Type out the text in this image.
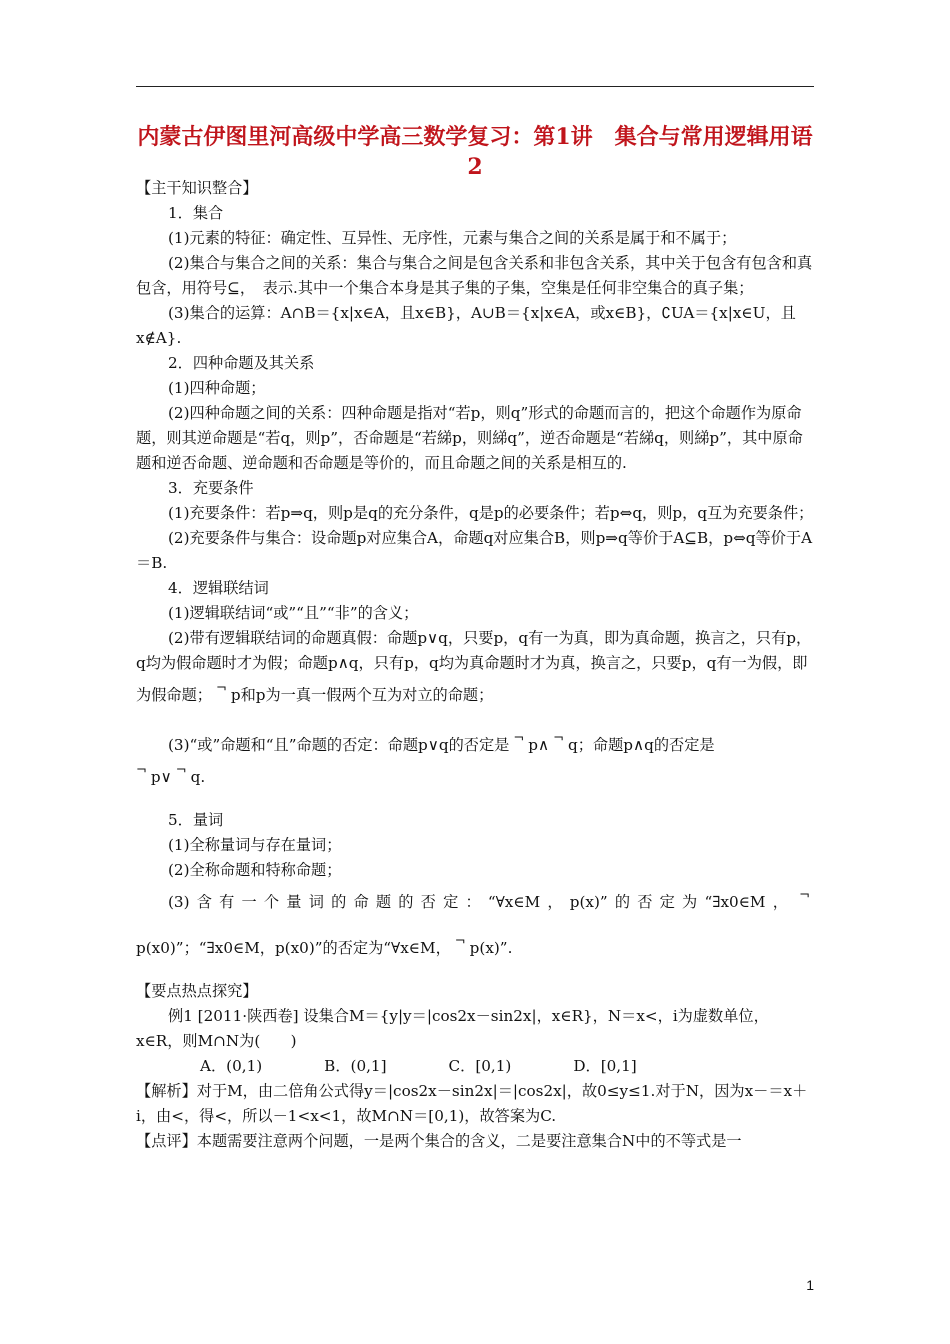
内蒙古伊图里河高级中学高三数学复习：第1讲　集合与常用逻辑用语2

【主干知识整合】

1．集合

(1)元素的特征：确定性、互异性、无序性，元素与集合之间的关系是属于和不属于；

(2)集合与集合之间的关系：集合与集合之间是包含关系和非包含关系，其中关于包含有包含和真包含，用符号⊆，　表示.其中一个集合本身是其子集的子集，空集是任何非空集合的真子集；

(3)集合的运算：A∩B＝{x|x∈A，且x∈B}，A∪B＝{x|x∈A，或x∈B}，∁UA＝{x|x∈U，且x∉A}.

2．四种命题及其关系

(1)四种命题；

(2)四种命题之间的关系：四种命题是指对“若p，则q”形式的命题而言的，把这个命题作为原命题，则其逆命题是“若q，则p”，否命题是“若綈p，则綈q”，逆否命题是“若綈q，则綈p”，其中原命题和逆否命题、逆命题和否命题是等价的，而且命题之间的关系是相互的.

3．充要条件

(1)充要条件：若p⇒q，则p是q的充分条件，q是p的必要条件；若p⇔q，则p，q互为充要条件；

(2)充要条件与集合：设命题p对应集合A，命题q对应集合B，则p⇒q等价于A⊆B，p⇔q等价于A＝B.

4．逻辑联结词

(1)逻辑联结词“或”“且”“非”的含义；

(2)带有逻辑联结词的命题真假：命题p∨q，只要p，q有一为真，即为真命题，换言之，只有p，q均为假命题时才为假；命题p∧q，只有p，q均为真命题时才为真，换言之，只要p，q有一为假，即为假命题； ¬ p和p为一真一假两个互为对立的命题；

(3)“或”命题和“且”命题的否定：命题p∨q的否定是 ¬ p∧ ¬ q；命题p∧q的否定是
¬ p∨ ¬ q.

5．量词

(1)全称量词与存在量词；

(2)全称命题和特称命题；

(3)含有一个量词的命题的否定：“∀x∈M，p(x)”的否定为“∃x0∈M， ¬

p(x0)”；“∃x0∈M，p(x0)”的否定为“∀x∈M， ¬ p(x)”.

【要点热点探究】

例1 [2011·陕西卷] 设集合M＝{y|y＝|cos2x－sin2x|，x∈R}，N＝x<，i为虚数单位，x∈R，则M∩N为(　　)

A．(0,1)	B．(0,1]	C．[0,1)	D．[0,1]

【解析】对于M，由二倍角公式得y＝|cos2x－sin2x|＝|cos2x|，故0≤y≤1.对于N，因为x－＝x＋i，由<，得<，所以－1<x<1，故M∩N＝[0,1)，故答案为C.

【点评】本题需要注意两个问题，一是两个集合的含义，二是要注意集合N中的不等式是一

1
